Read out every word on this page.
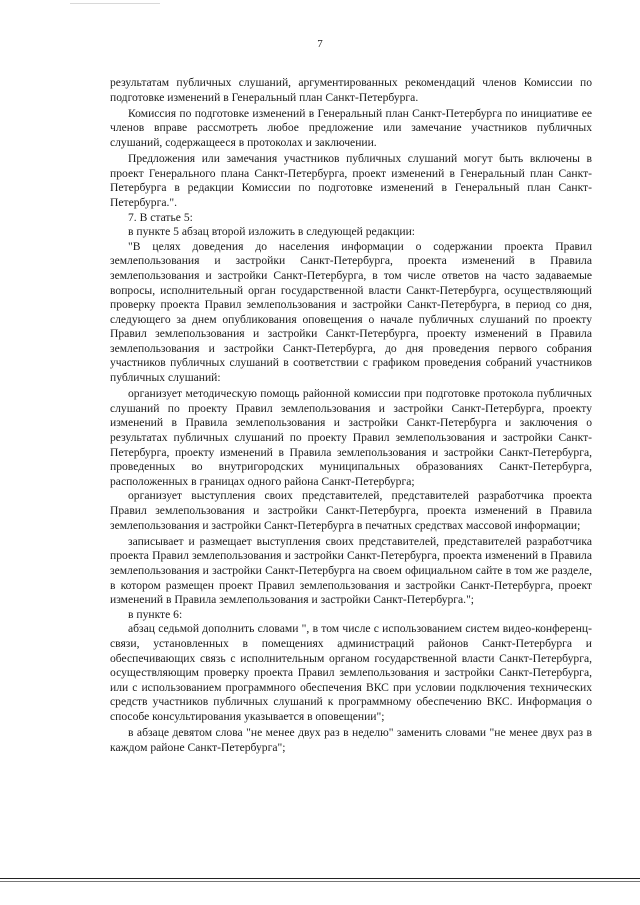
7

результатам публичных слушаний, аргументированных рекомендаций членов Комиссии по подготовке изменений в Генеральный план Санкт-Петербурга.

Комиссия по подготовке изменений в Генеральный план Санкт-Петербурга по инициативе ее членов вправе рассмотреть любое предложение или замечание участников публичных слушаний, содержащееся в протоколах и заключении.

Предложения или замечания участников публичных слушаний могут быть включены в проект Генерального плана Санкт-Петербурга, проект изменений в Генеральный план Санкт-Петербурга в редакции Комиссии по подготовке изменений в Генеральный план Санкт-Петербурга.".

7. В статье 5:

в пункте 5 абзац второй изложить в следующей редакции:

"В целях доведения до населения информации о содержании проекта Правил землепользования и застройки Санкт-Петербурга, проекта изменений в Правила землепользования и застройки Санкт-Петербурга, в том числе ответов на часто задаваемые вопросы, исполнительный орган государственной власти Санкт-Петербурга, осуществляющий проверку проекта Правил землепользования и застройки Санкт-Петербурга, в период со дня, следующего за днем опубликования оповещения о начале публичных слушаний по проекту Правил землепользования и застройки Санкт-Петербурга, проекту изменений в Правила землепользования и застройки Санкт-Петербурга, до дня проведения первого собрания участников публичных слушаний в соответствии с графиком проведения собраний участников публичных слушаний:

организует методическую помощь районной комиссии при подготовке протокола публичных слушаний по проекту Правил землепользования и застройки Санкт-Петербурга, проекту изменений в Правила землепользования и застройки Санкт-Петербурга и заключения о результатах публичных слушаний по проекту Правил землепользования и застройки Санкт-Петербурга, проекту изменений в Правила землепользования и застройки Санкт-Петербурга, проведенных во внутригородских муниципальных образованиях Санкт-Петербурга, расположенных в границах одного района Санкт-Петербурга;

организует выступления своих представителей, представителей разработчика проекта Правил землепользования и застройки Санкт-Петербурга, проекта изменений в Правила землепользования и застройки Санкт-Петербурга в печатных средствах массовой информации;

записывает и размещает выступления своих представителей, представителей разработчика проекта Правил землепользования и застройки Санкт-Петербурга, проекта изменений в Правила землепользования и застройки Санкт-Петербурга на своем официальном сайте в том же разделе, в котором размещен проект Правил землепользования и застройки Санкт-Петербурга, проект изменений в Правила землепользования и застройки Санкт-Петербурга.";

в пункте 6:

абзац седьмой дополнить словами ", в том числе с использованием систем видео-конференц-связи, установленных в помещениях администраций районов Санкт-Петербурга и обеспечивающих связь с исполнительным органом государственной власти Санкт-Петербурга, осуществляющим проверку проекта Правил землепользования и застройки Санкт-Петербурга, или с использованием программного обеспечения ВКС при условии подключения технических средств участников публичных слушаний к программному обеспечению ВКС. Информация о способе консультирования указывается в оповещении";

в абзаце девятом слова "не менее двух раз в неделю" заменить словами "не менее двух раз в каждом районе Санкт-Петербурга";
